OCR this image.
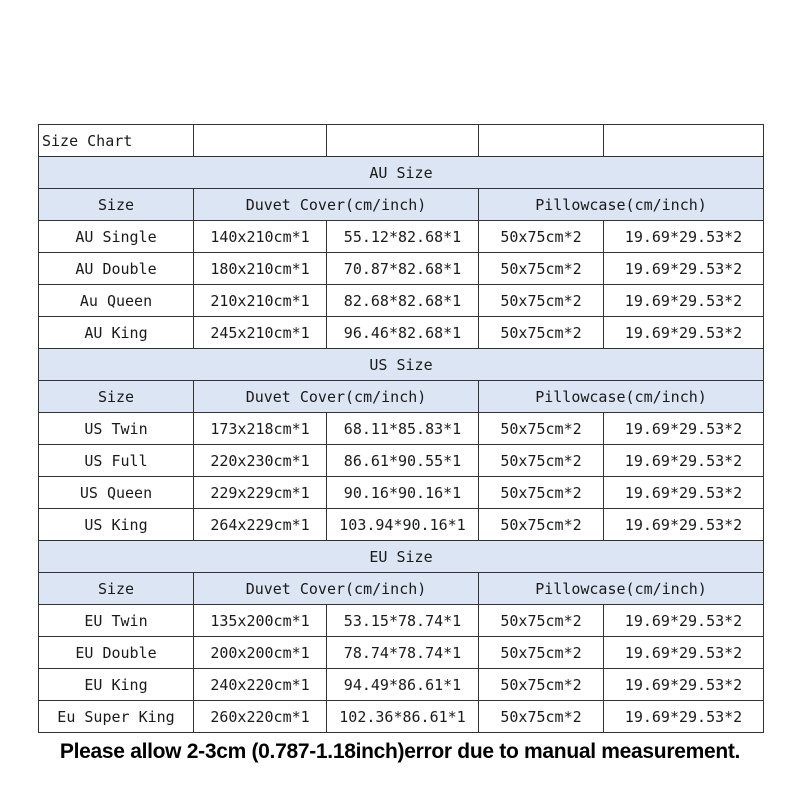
Size Chart				
AU Size				
Size	Duvet Cover(cm/inch)		Pillowcase(cm/inch)	
AU Single	140x210cm*1	55.12*82.68*1	50x75cm*2	19.69*29.53*2
AU Double	180x210cm*1	70.87*82.68*1	50x75cm*2	19.69*29.53*2
Au Queen	210x210cm*1	82.68*82.68*1	50x75cm*2	19.69*29.53*2
AU King	245x210cm*1	96.46*82.68*1	50x75cm*2	19.69*29.53*2
US Size				
Size	Duvet Cover(cm/inch)		Pillowcase(cm/inch)	
US Twin	173x218cm*1	68.11*85.83*1	50x75cm*2	19.69*29.53*2
US Full	220x230cm*1	86.61*90.55*1	50x75cm*2	19.69*29.53*2
US Queen	229x229cm*1	90.16*90.16*1	50x75cm*2	19.69*29.53*2
US King	264x229cm*1	103.94*90.16*1	50x75cm*2	19.69*29.53*2
EU Size				
Size	Duvet Cover(cm/inch)		Pillowcase(cm/inch)	
EU Twin	135x200cm*1	53.15*78.74*1	50x75cm*2	19.69*29.53*2
EU Double	200x200cm*1	78.74*78.74*1	50x75cm*2	19.69*29.53*2
EU King	240x220cm*1	94.49*86.61*1	50x75cm*2	19.69*29.53*2
Eu Super King	260x220cm*1	102.36*86.61*1	50x75cm*2	19.69*29.53*2
Please allow 2-3cm (0.787-1.18inch)error due to manual measurement.
